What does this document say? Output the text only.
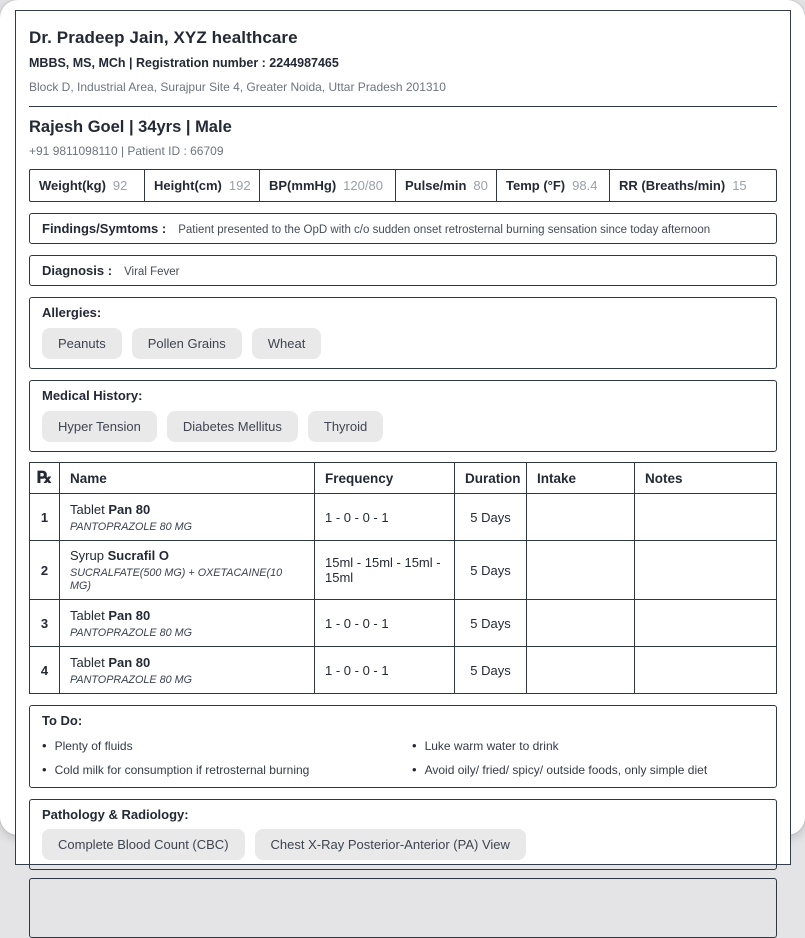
Dr. Pradeep Jain, XYZ healthcare
MBBS, MS, MCh | Registration number : 2244987465
Block D, Industrial Area, Surajpur Site 4, Greater Noida, Uttar Pradesh 201310
Rajesh Goel | 34yrs | Male
+91 9811098110 | Patient ID : 66709
Weight(kg) 92 Height(cm) 192 BP(mmHg) 120/80 Pulse/min 80 Temp (°F) 98.4 RR (Breaths/min) 15
Findings/Symtoms : Patient presented to the OpD with c/o sudden onset retrosternal burning sensation since today afternoon
Diagnosis : Viral Fever
Allergies:
Peanuts	Pollen Grains	Wheat
Medical History:
Hyper Tension	Diabetes Mellitus	Thyroid
℞	Name	Frequency	Duration	Intake	Notes
1	Tablet Pan 80
PANTOPRAZOLE 80 MG	1 - 0 - 0 - 1	5 Days		
2	Syrup Sucrafil O
SUCRALFATE(500 MG) + OXETACAINE(10 MG)	15ml - 15ml - 15ml - 15ml	5 Days		
3	Tablet Pan 80
PANTOPRAZOLE 80 MG	1 - 0 - 0 - 1	5 Days		
4	Tablet Pan 80
PANTOPRAZOLE 80 MG	1 - 0 - 0 - 1	5 Days		
To Do:
• Plenty of fluids	• Luke warm water to drink
• Cold milk for consumption if retrosternal burning	• Avoid oily/ fried/ spicy/ outside foods, only simple diet
Pathology & Radiology:
Complete Blood Count (CBC)	Chest X-Ray Posterior-Anterior (PA) View
